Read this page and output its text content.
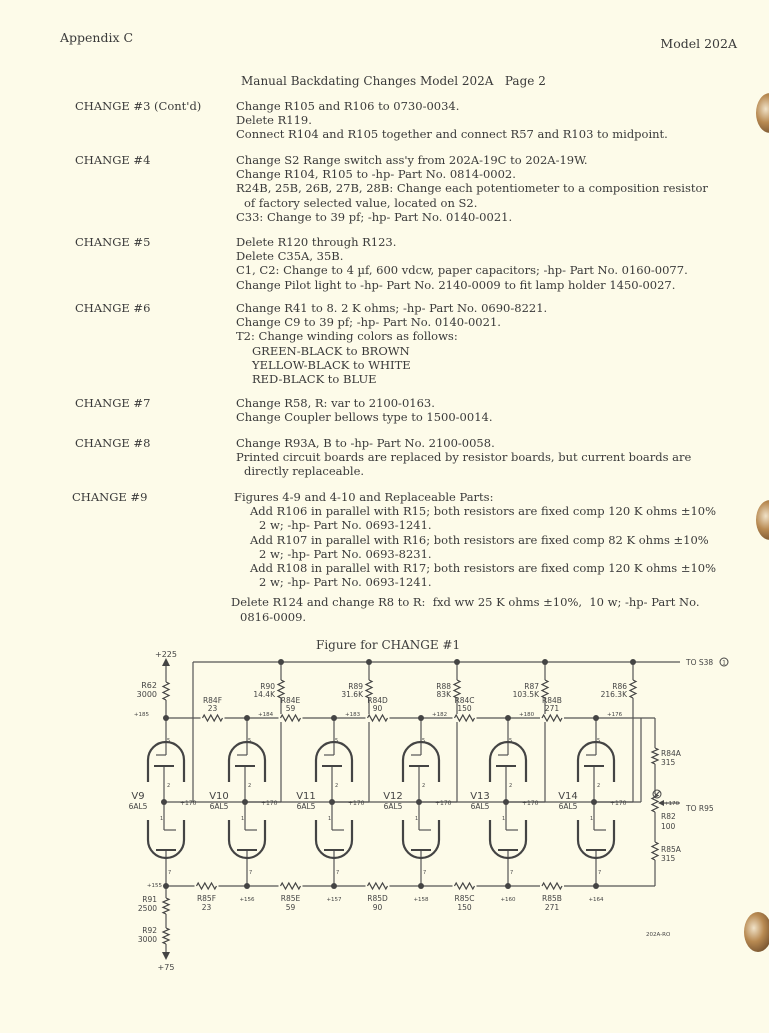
Appendix C	Model 202A
Manual Backdating Changes Model 202A   Page 2
CHANGE #3 (Cont'd)	Change R105 and R106 to 0730-0034.
Delete R119.
Connect R104 and R105 together and connect R57 and R103 to midpoint.
CHANGE #4	Change S2 Range switch ass'y from 202A-19C to 202A-19W.
Change R104, R105 to -hp- Part No. 0814-0002.
R24B, 25B, 26B, 27B, 28B: Change each potentiometer to a composition resistor
of factory selected value, located on S2.
C33: Change to 39 pf; -hp- Part No. 0140-0021.
CHANGE #5	Delete R120 through R123.
Delete C35A, 35B.
C1, C2: Change to 4 µf, 600 vdcw, paper capacitors; -hp- Part No. 0160-0077.
Change Pilot light to -hp- Part No. 2140-0009 to fit lamp holder 1450-0027.
CHANGE #6	Change R41 to 8. 2 K ohms; -hp- Part No. 0690-8221.
Change C9 to 39 pf; -hp- Part No. 0140-0021.
T2: Change winding colors as follows:
GREEN-BLACK to BROWN
YELLOW-BLACK to WHITE
RED-BLACK to BLUE
CHANGE #7	Change R58, R: var to 2100-0163.
Change Coupler bellows type to 1500-0014.
CHANGE #8	Change R93A, B to -hp- Part No. 2100-0058.
Printed circuit boards are replaced by resistor boards, but current boards are
directly replaceable.
CHANGE #9	Figures 4-9 and 4-10 and Replaceable Parts:
Add R106 in parallel with R15; both resistors are fixed comp 120 K ohms ±10%
2 w; -hp- Part No. 0693-1241.
Add R107 in parallel with R16; both resistors are fixed comp 82 K ohms ±10%
2 w; -hp- Part No. 0693-8231.
Add R108 in parallel with R17; both resistors are fixed comp 120 K ohms ±10%
2 w; -hp- Part No. 0693-1241.
Delete R124 and change R8 to R:  fxd ww 25 K ohms ±10%,  10 w; -hp- Part No.
0816-0009.
Figure for CHANGE #1
TO S38 1
+225
R62
3000
+185	+184	+183	+182	+180	+176
R84F
23
R84E
59
R84D
90
R84C
150
R84B
271
R90
14.4K
R89
31.6K
R88
83K
R87
103.5K
R86
216.3K
R84A
315
R82
100
R85A
315
+170 TO R95
5
2
+170
V9
6AL5
1
7
5
2
+170
V10
6AL5
1
7
5
2
+170
V11
6AL5
1
7
5
2
+170
V12
6AL5
1
7
5
2
+170
V13
6AL5
1
7
5
2
+170
V14
6AL5
1
7
+155
+156	+157	+158	+160	+164
R85F
23
R85E
59
R85D
90
R85C
150
R85B
271
R91
2500
R92
3000
+75
202A-RO
